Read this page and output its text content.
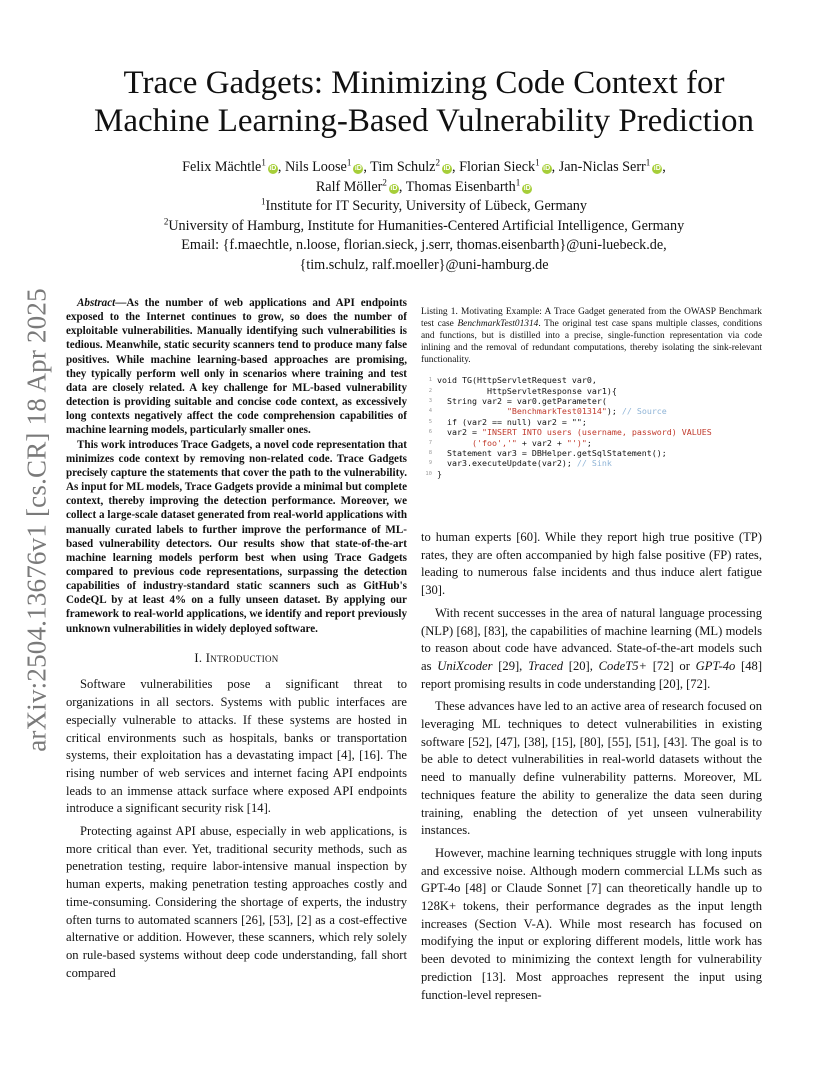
arXiv:2504.13676v1 [cs.CR] 18 Apr 2025
Trace Gadgets: Minimizing Code Context for
Machine Learning-Based Vulnerability Prediction
Felix Mächtle$^1$iD , Nils Loose$^1$iD , Tim Schulz$^2$iD , Florian Sieck$^1$iD , Jan-Niclas Serr$^1$iD ,
Ralf Möller$^2$iD , Thomas Eisenbarth$^1$iD
$^1$Institute for IT Security, University of Lübeck, Germany
$^2$University of Hamburg, Institute for Humanities-Centered Artificial Intelligence, Germany
Email: {f.maechtle, n.loose, florian.sieck, j.serr, thomas.eisenbarth}@uni-luebeck.de,
{tim.schulz, ralf.moeller}@uni-hamburg.de

Abstract—As the number of web applications and API endpoints exposed to the Internet continues to grow, so does the number of exploitable vulnerabilities. Manually identifying such vulnerabilities is tedious. Meanwhile, static security scanners tend to produce many false positives. While machine learning-based approaches are promising, they typically perform well only in scenarios where training and test data are closely related. A key challenge for ML-based vulnerability detection is providing suitable and concise code context, as excessively long contexts negatively affect the code comprehension capabilities of machine learning models, particularly smaller ones.

This work introduces Trace Gadgets, a novel code representation that minimizes code context by removing non-related code. Trace Gadgets precisely capture the statements that cover the path to the vulnerability. As input for ML models, Trace Gadgets provide a minimal but complete context, thereby improving the detection performance. Moreover, we collect a large-scale dataset generated from real-world applications with manually curated labels to further improve the performance of ML-based vulnerability detectors. Our results show that state-of-the-art machine learning models perform best when using Trace Gadgets compared to previous code representations, surpassing the detection capabilities of industry-standard static scanners such as GitHub's CodeQL by at least 4% on a fully unseen dataset. By applying our framework to real-world applications, we identify and report previously unknown vulnerabilities in widely deployed software.

I. Introduction

Software vulnerabilities pose a significant threat to organizations in all sectors. Systems with public interfaces are especially vulnerable to attacks. If these systems are hosted in critical environments such as hospitals, banks or transportation systems, their exploitation has a devastating impact [4], [16]. The rising number of web services and internet facing API endpoints leads to an immense attack surface where exposed API endpoints introduce a significant security risk [14].

Protecting against API abuse, especially in web applications, is more critical than ever. Yet, traditional security methods, such as penetration testing, require labor-intensive manual inspection by human experts, making penetration testing approaches costly and time-consuming. Considering the shortage of experts, the industry often turns to automated scanners [26], [53], [2] as a cost-effective alternative or addition. However, these scanners, which rely solely on rule-based systems without deep code understanding, fall short compared

Listing 1. Motivating Example: A Trace Gadget generated from the OWASP Benchmark test case BenchmarkTest01314. The original test case spans multiple classes, conditions and functions, but is distilled into a precise, single-function representation via code inlining and the removal of redundant computations, thereby isolating the sink-relevant functionality.

1 void TG(HttpServletRequest var0,
2 HttpServletResponse var1){
3 String var2 = var0.getParameter(
4
	"BenchmarkTest01314" ); // Source
5 if (var2 == null) var2 = "";
6 var2 = "INSERT INTO users (username, password) VALUES
7
	('foo','" + var2 + "')" ;
8 Statement var3 = DBHelper.getSqlStatement();
9 var3.executeUpdate(var2); // Sink
10 }

to human experts [60]. While they report high true positive (TP) rates, they are often accompanied by high false positive (FP) rates, leading to numerous false incidents and thus induce alert fatigue [30].

With recent successes in the area of natural language processing (NLP) [68], [83], the capabilities of machine learning (ML) models to reason about code have advanced. State-of-the-art models such as UniXcoder [29], Traced [20], CodeT5+ [72] or GPT-4o [48] report promising results in code understanding [20], [72].

These advances have led to an active area of research focused on leveraging ML techniques to detect vulnerabilities in existing software [52], [47], [38], [15], [80], [55], [51], [43]. The goal is to be able to detect vulnerabilities in real-world datasets without the need to manually define vulnerability patterns. Moreover, ML techniques feature the ability to generalize the data seen during training, enabling the detection of yet unseen vulnerability instances.

However, machine learning techniques struggle with long inputs and excessive noise. Although modern commercial LLMs such as GPT-4o [48] or Claude Sonnet [7] can theoretically handle up to 128K+ tokens, their performance degrades as the input length increases (Section V-A). While most research has focused on modifying the input or exploring different models, little work has been devoted to minimizing the context length for vulnerability prediction [13]. Most approaches represent the input using function-level represen-
